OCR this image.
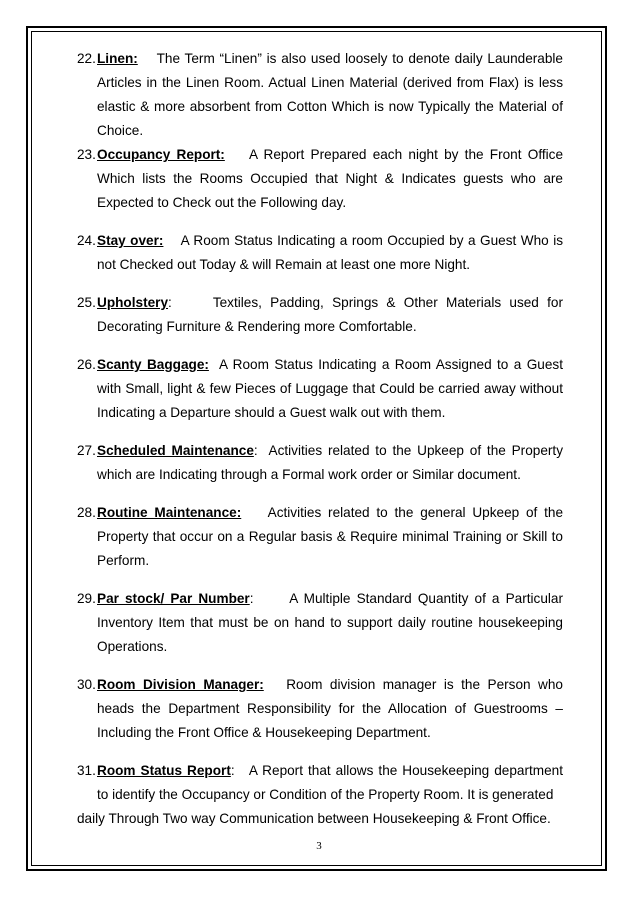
22. Linen: The Term “Linen” is also used loosely to denote daily Launderable Articles in the Linen Room. Actual Linen Material (derived from Flax) is less elastic & more absorbent from Cotton Which is now Typically the Material of Choice.
23. Occupancy Report: A Report Prepared each night by the Front Office Which lists the Rooms Occupied that Night & Indicates guests who are Expected to Check out the Following day.
24. Stay over: A Room Status Indicating a room Occupied by a Guest Who is not Checked out Today & will Remain at least one more Night.
25. Upholstery:	Textiles, Padding, Springs & Other Materials used for Decorating Furniture & Rendering more Comfortable.
26. Scanty Baggage: A Room Status Indicating a Room Assigned to a Guest with Small, light & few Pieces of Luggage that Could be carried away without Indicating a Departure should a Guest walk out with them.
27. Scheduled Maintenance: Activities related to the Upkeep of the Property which are Indicating through a Formal work order or Similar document.
28. Routine Maintenance: Activities related to the general Upkeep of the Property that occur on a Regular basis & Require minimal Training or Skill to Perform.
29. Par stock/ Par Number:	A Multiple Standard Quantity of a Particular Inventory Item that must be on hand to support daily routine housekeeping Operations.
30. Room Division Manager: Room division manager is the Person who heads the Department Responsibility for the Allocation of Guestrooms – Including the Front Office & Housekeeping Department.
31. Room Status Report: A Report that allows the Housekeeping department to identify the Occupancy or Condition of the Property Room. It is generated
daily Through Two way Communication between Housekeeping & Front Office.
3
